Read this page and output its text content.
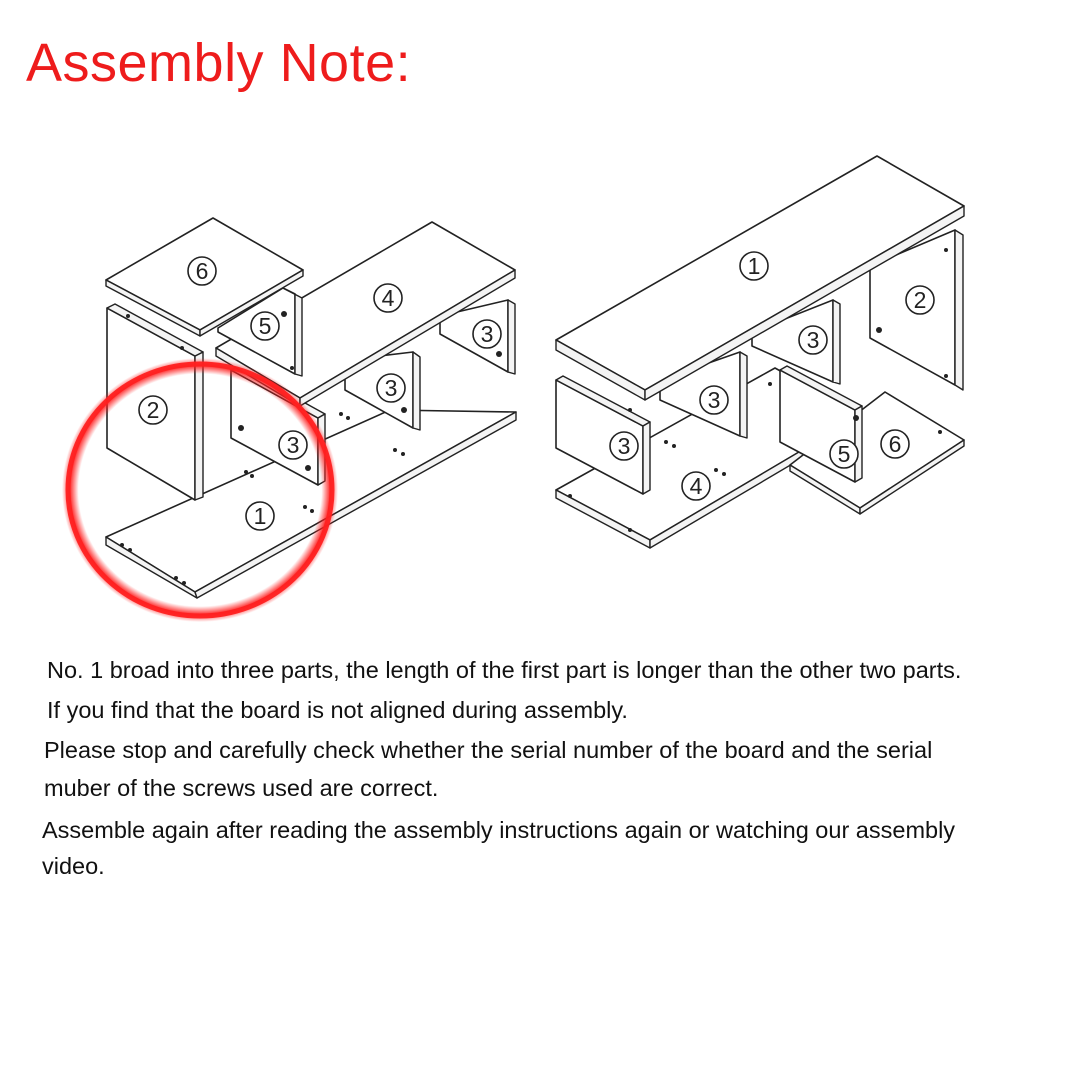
Assembly Note:
6
4
5	3
3
2
3
1
1
2
3
3
3	6
5
4

No. 1 broad into three parts, the length of the first part is longer than the other two parts.

If you find that the board is not aligned during assembly.

Please stop and carefully check whether the serial number of the board and the serial

muber of the screws used are correct.

Assemble again after reading the assembly instructions again or watching our assembly

video.
